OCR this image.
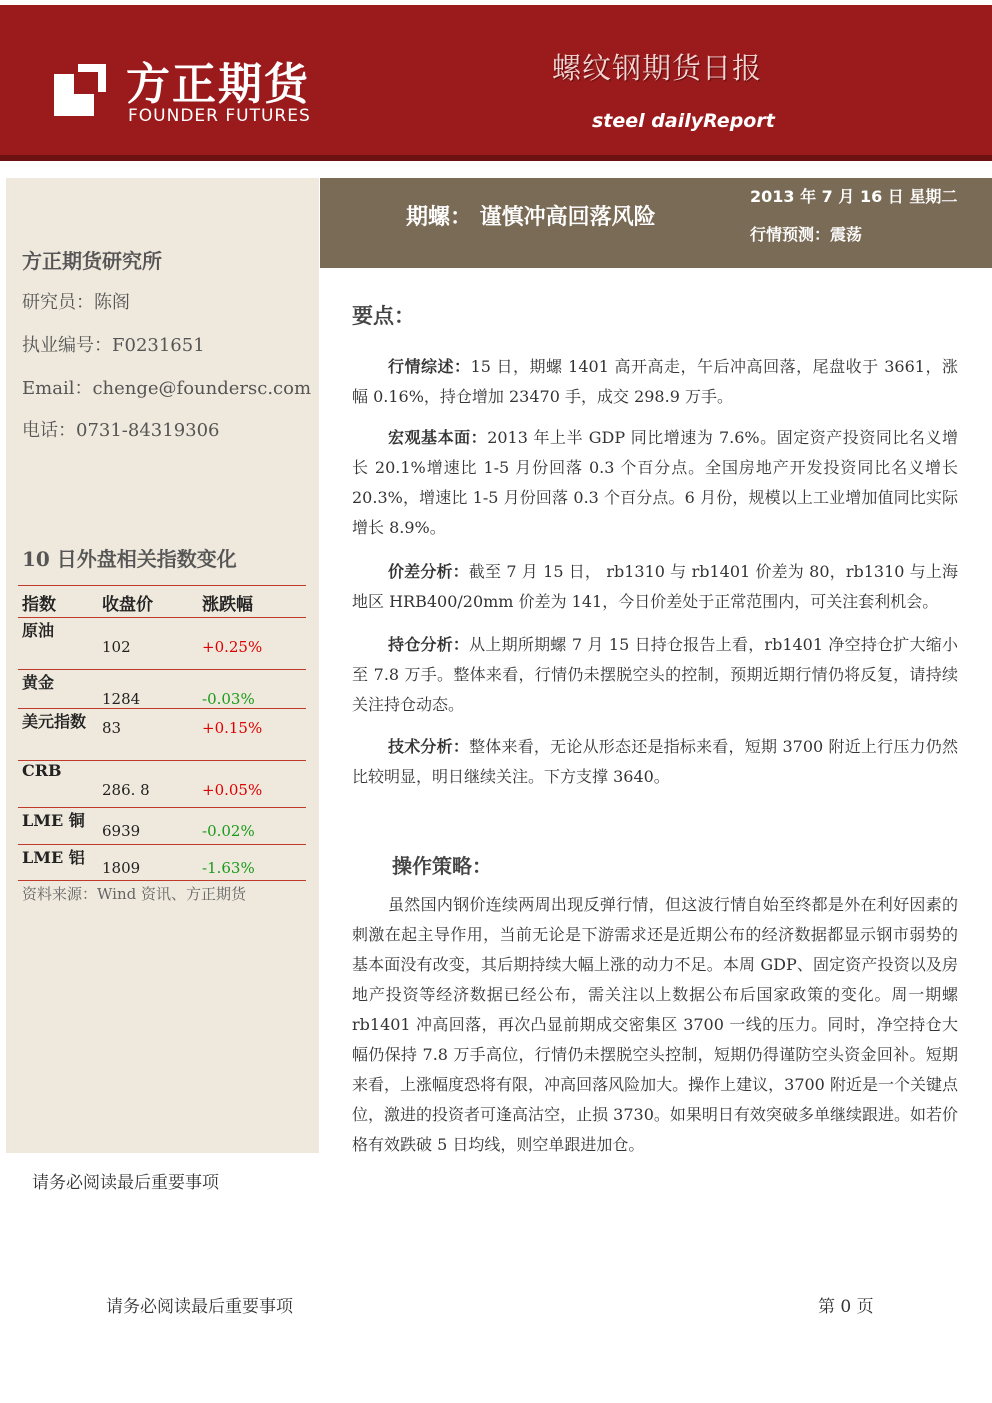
方正期货
FOUNDER FUTURES
螺纹钢期货日报
steel dailyReport
方正期货研究所
研究员：陈阁
执业编号：F0231651
Email：chenge@foundersc.com
电话：0731-84319306
10 日外盘相关指数变化
指数	收盘价	涨跌幅
原油	102	+0.25%
黄金	1284	-0.03%
美元指数	83	+0.15%
CRB	286. 8	+0.05%
LME 铜	6939	-0.02%
LME 铝	1809	-1.63%
资料来源：Wind 资讯、方正期货
期螺： 谨慎冲高回落风险
2013 年 7 月 16 日 星期二
行情预测：震荡
要点：
行情综述：15 日，期螺 1401 高开高走，午后冲高回落，尾盘收于 3661，涨幅 0.16%，持仓增加 23470 手，成交 298.9 万手。
宏观基本面：2013 年上半 GDP 同比增速为 7.6%。固定资产投资同比名义增长 20.1%增速比 1-5 月份回落 0.3 个百分点。全国房地产开发投资同比名义增长 20.3%，增速比 1-5 月份回落 0.3 个百分点。6 月份，规模以上工业增加值同比实际增长 8.9%。
价差分析：截至 7 月 15 日， rb1310 与 rb1401 价差为 80，rb1310 与上海地区 HRB400/20mm 价差为 141，今日价差处于正常范围内，可关注套利机会。
持仓分析：从上期所期螺 7 月 15 日持仓报告上看，rb1401 净空持仓扩大缩小至 7.8 万手。整体来看，行情仍未摆脱空头的控制，预期近期行情仍将反复，请持续关注持仓动态。
技术分析：整体来看，无论从形态还是指标来看，短期 3700 附近上行压力仍然比较明显，明日继续关注。下方支撑 3640。
操作策略：
虽然国内钢价连续两周出现反弹行情，但这波行情自始至终都是外在利好因素的刺激在起主导作用，当前无论是下游需求还是近期公布的经济数据都显示钢市弱势的基本面没有改变，其后期持续大幅上涨的动力不足。本周 GDP、固定资产投资以及房地产投资等经济数据已经公布，需关注以上数据公布后国家政策的变化。周一期螺 rb1401 冲高回落，再次凸显前期成交密集区 3700 一线的压力。同时，净空持仓大幅仍保持 7.8 万手高位，行情仍未摆脱空头控制，短期仍得谨防空头资金回补。短期来看，上涨幅度恐将有限，冲高回落风险加大。操作上建议，3700 附近是一个关键点位，激进的投资者可逢高沽空，止损 3730。如果明日有效突破多单继续跟进。如若价格有效跌破 5 日均线，则空单跟进加仓。
请务必阅读最后重要事项
请务必阅读最后重要事项	第 0 页
